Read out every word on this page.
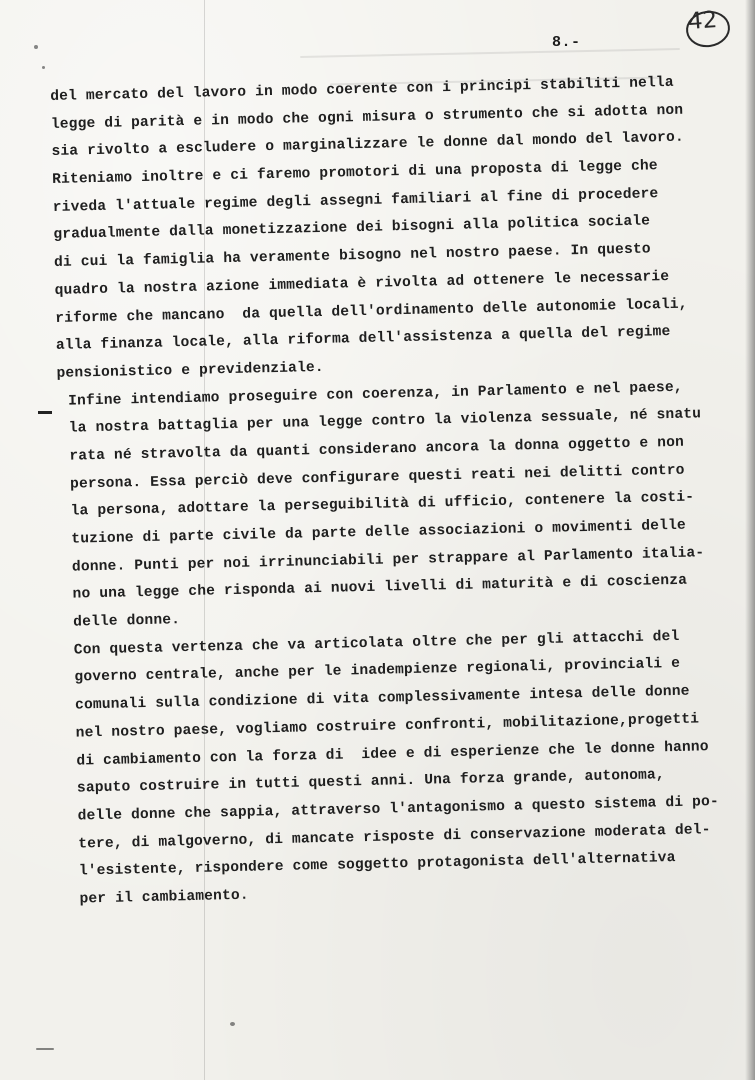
8.-
42
del mercato del lavoro in modo coerente con i principi stabiliti nella
legge di parità e in modo che ogni misura o strumento che si adotta non
sia rivolto a escludere o marginalizzare le donne dal mondo del lavoro.
Riteniamo inoltre e ci faremo promotori di una proposta di legge che
riveda l'attuale regime degli assegni familiari al fine di procedere
gradualmente dalla monetizzazione dei bisogni alla politica sociale
di cui la famiglia ha veramente bisogno nel nostro paese. In questo
quadro la nostra azione immediata è rivolta ad ottenere le necessarie
riforme che mancano  da quella dell'ordinamento delle autonomie locali,
alla finanza locale, alla riforma dell'assistenza a quella del regime
pensionistico e previdenziale.
Infine intendiamo proseguire con coerenza, in Parlamento e nel paese,
la nostra battaglia per una legge contro la violenza sessuale, né snatu
rata né stravolta da quanti considerano ancora la donna oggetto e non
persona. Essa perciò deve configurare questi reati nei delitti contro
la persona, adottare la perseguibilità di ufficio, contenere la costi-
tuzione di parte civile da parte delle associazioni o movimenti delle
donne. Punti per noi irrinunciabili per strappare al Parlamento italia-
no una legge che risponda ai nuovi livelli di maturità e di coscienza
delle donne.
Con questa vertenza che va articolata oltre che per gli attacchi del
governo centrale, anche per le inadempienze regionali, provinciali e
comunali sulla condizione di vita complessivamente intesa delle donne
nel nostro paese, vogliamo costruire confronti, mobilitazione,progetti
di cambiamento con la forza di  idee e di esperienze che le donne hanno
saputo costruire in tutti questi anni. Una forza grande, autonoma,
delle donne che sappia, attraverso l'antagonismo a questo sistema di po-
tere, di malgoverno, di mancate risposte di conservazione moderata del-
l'esistente, rispondere come soggetto protagonista dell'alternativa
per il cambiamento.
